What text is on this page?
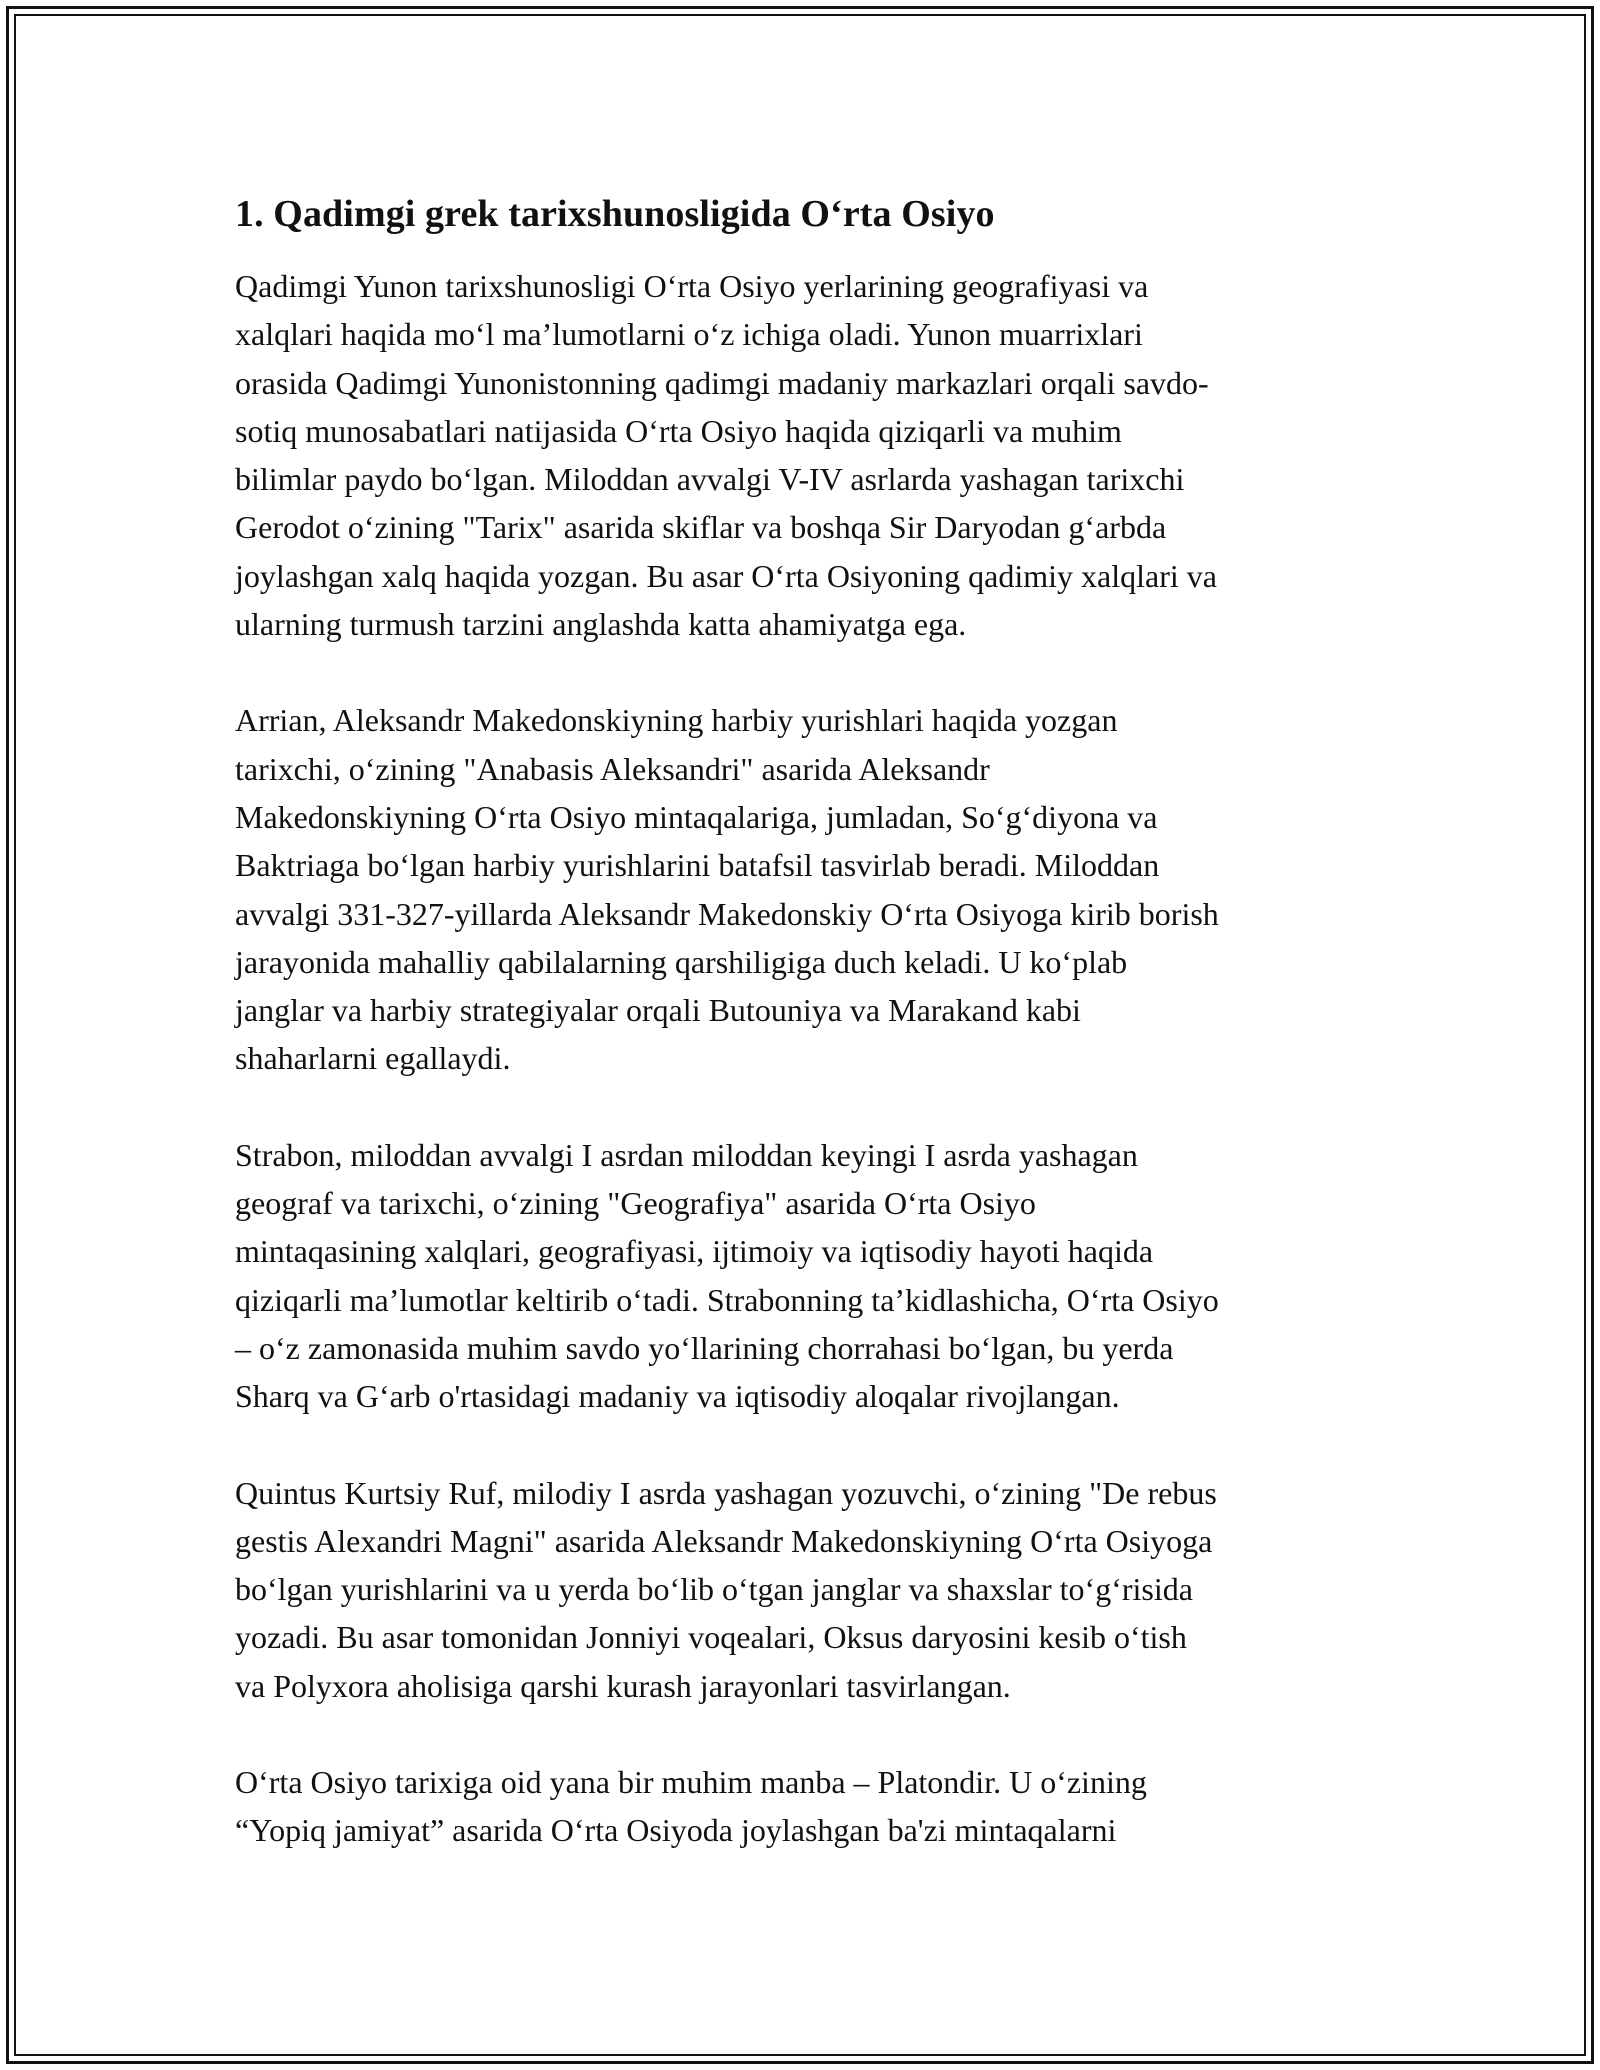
1. Qadimgi grek tarixshunosligida O‘rta Osiyo

Qadimgi Yunon tarixshunosligi O‘rta Osiyo yerlarining geografiyasi va
xalqlari haqida mo‘l ma’lumotlarni o‘z ichiga oladi. Yunon muarrixlari
orasida Qadimgi Yunonistonning qadimgi madaniy markazlari orqali savdo-
sotiq munosabatlari natijasida O‘rta Osiyo haqida qiziqarli va muhim
bilimlar paydo bo‘lgan. Miloddan avvalgi V-IV asrlarda yashagan tarixchi
Gerodot o‘zining "Tarix" asarida skiflar va boshqa Sir Daryodan g‘arbda
joylashgan xalq haqida yozgan. Bu asar O‘rta Osiyoning qadimiy xalqlari va
ularning turmush tarzini anglashda katta ahamiyatga ega.

Arrian, Aleksandr Makedonskiyning harbiy yurishlari haqida yozgan
tarixchi, o‘zining "Anabasis Aleksandri" asarida Aleksandr
Makedonskiyning O‘rta Osiyo mintaqalariga, jumladan, So‘g‘diyona va
Baktriaga bo‘lgan harbiy yurishlarini batafsil tasvirlab beradi. Miloddan
avvalgi 331-327-yillarda Aleksandr Makedonskiy O‘rta Osiyoga kirib borish
jarayonida mahalliy qabilalarning qarshiligiga duch keladi. U ko‘plab
janglar va harbiy strategiyalar orqali Butouniya va Marakand kabi
shaharlarni egallaydi.

Strabon, miloddan avvalgi I asrdan miloddan keyingi I asrda yashagan
geograf va tarixchi, o‘zining "Geografiya" asarida O‘rta Osiyo
mintaqasining xalqlari, geografiyasi, ijtimoiy va iqtisodiy hayoti haqida
qiziqarli ma’lumotlar keltirib o‘tadi. Strabonning ta’kidlashicha, O‘rta Osiyo
– o‘z zamonasida muhim savdo yo‘llarining chorrahasi bo‘lgan, bu yerda
Sharq va G‘arb o'rtasidagi madaniy va iqtisodiy aloqalar rivojlangan.

Quintus Kurtsiy Ruf, milodiy I asrda yashagan yozuvchi, o‘zining "De rebus
gestis Alexandri Magni" asarida Aleksandr Makedonskiyning O‘rta Osiyoga
bo‘lgan yurishlarini va u yerda bo‘lib o‘tgan janglar va shaxslar to‘g‘risida
yozadi. Bu asar tomonidan Jonniyi voqealari, Oksus daryosini kesib o‘tish
va Polyxora aholisiga qarshi kurash jarayonlari tasvirlangan.

O‘rta Osiyo tarixiga oid yana bir muhim manba – Platondir. U o‘zining
“Yopiq jamiyat” asarida O‘rta Osiyoda joylashgan ba'zi mintaqalarni
